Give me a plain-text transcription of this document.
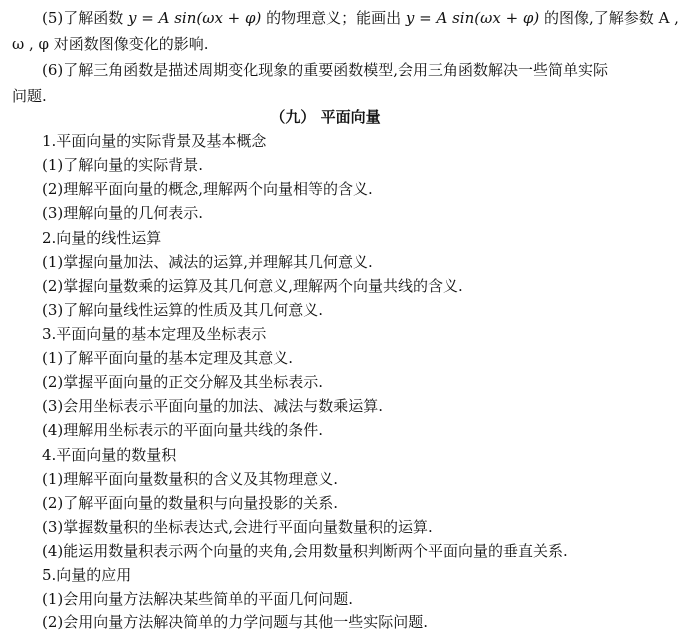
(5)了解函数 y = A sin(ωx + φ) 的物理意义；能画出 y = A sin(ωx + φ) 的图像,了解参数 A ,
ω , φ 对函数图像变化的影响.
(6)了解三角函数是描述周期变化现象的重要函数模型,会用三角函数解决一些简单实际
问题.
（九） 平面向量
1.平面向量的实际背景及基本概念
(1)了解向量的实际背景.
(2)理解平面向量的概念,理解两个向量相等的含义.
(3)理解向量的几何表示.
2.向量的线性运算
(1)掌握向量加法、减法的运算,并理解其几何意义.
(2)掌握向量数乘的运算及其几何意义,理解两个向量共线的含义.
(3)了解向量线性运算的性质及其几何意义.
3.平面向量的基本定理及坐标表示
(1)了解平面向量的基本定理及其意义.
(2)掌握平面向量的正交分解及其坐标表示.
(3)会用坐标表示平面向量的加法、减法与数乘运算.
(4)理解用坐标表示的平面向量共线的条件.
4.平面向量的数量积
(1)理解平面向量数量积的含义及其物理意义.
(2)了解平面向量的数量积与向量投影的关系.
(3)掌握数量积的坐标表达式,会进行平面向量数量积的运算.
(4)能运用数量积表示两个向量的夹角,会用数量积判断两个平面向量的垂直关系.
5.向量的应用
(1)会用向量方法解决某些简单的平面几何问题.
(2)会用向量方法解决简单的力学问题与其他一些实际问题.
